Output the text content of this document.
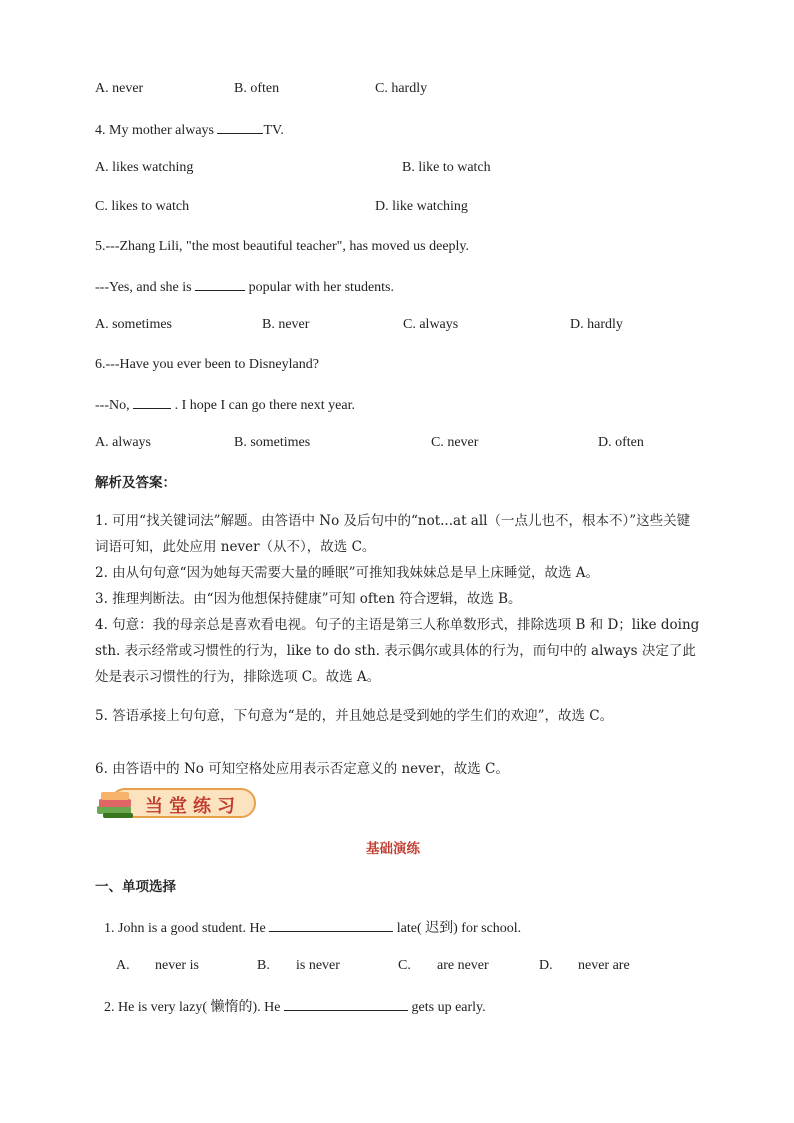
A. never	B. often	C. hardly
4. My mother always	TV.
A. likes watching	B. like to watch
C. likes to watch	D. like watching
5.---Zhang Lili, "the most beautiful teacher", has moved us deeply.
---Yes, and she is	popular with her students.
A. sometimes	B. never	C. always	D. hardly
6.---Have you ever been to Disneyland?
---No,	. I hope I can go there next year.
A. always	B. sometimes	C. never	D. often
解析及答案：
1. 可用“找关键词法”解题。由答语中 No 及后句中的“not...at all（一点儿也不，根本不）”这些关键词语可知，此处应用 never（从不），故选 C。
2. 由从句句意“因为她每天需要大量的睡眠”可推知我妹妹总是早上床睡觉，故选 A。
3. 推理判断法。由“因为他想保持健康”可知 often 符合逻辑，故选 B。
4. 句意：我的母亲总是喜欢看电视。句子的主语是第三人称单数形式，排除选项 B 和 D；like doing sth. 表示经常或习惯性的行为，like to do sth. 表示偶尔或具体的行为，而句中的 always 决定了此处是表示习惯性的行为，排除选项 C。故选 A。
5. 答语承接上句句意，下句意为“是的，并且她总是受到她的学生们的欢迎”，故选 C。
6. 由答语中的 No 可知空格处应用表示否定意义的 never，故选 C。
当堂练习
基础演练
一、单项选择
1. John is a good student. He	late( 迟到) for school.
A. never is	B. is never	C. are never	D. never are
2. He is very lazy( 懒惰的). He	gets up early.
